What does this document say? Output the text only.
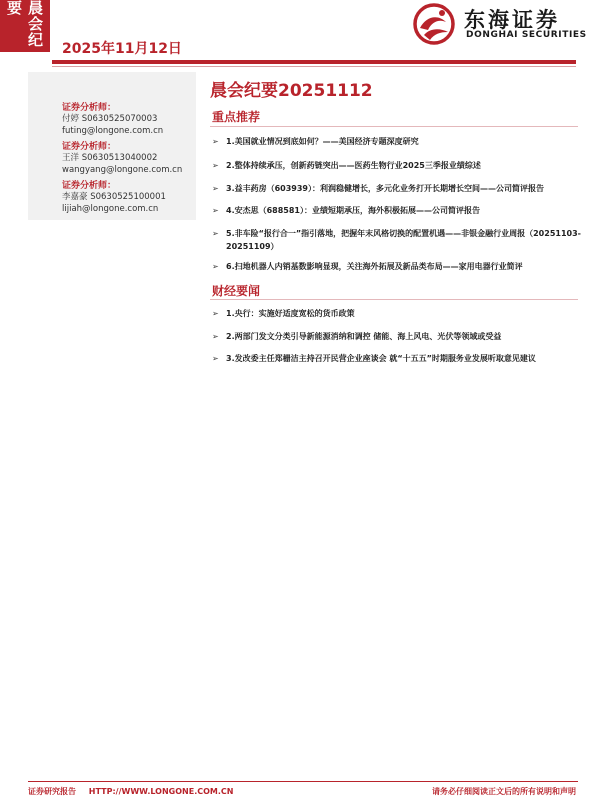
晨会纪要
2025年11月12日
东海证券
DONGHAI SECURITIES
证券分析师：
付婷 S0630525070003
futing@longone.com.cn
证券分析师：
王洋 S0630513040002
wangyang@longone.com.cn
证券分析师：
李嘉豪 S0630525100001
lijiah@longone.com.cn
晨会纪要20251112
重点推荐
➢ 1.美国就业情况到底如何？——美国经济专题深度研究
➢ 2.整体持续承压，创新药链突出——医药生物行业2025三季报业绩综述
➢ 3.益丰药房（603939）：利润稳健增长，多元化业务打开长期增长空间——公司简评报告
➢ 4.安杰思（688581）：业绩短期承压，海外积极拓展——公司简评报告
➢ 5.非车险“报行合一”指引落地，把握年末风格切换的配置机遇——非银金融行业周报（20251103-20251109）
➢ 6.扫地机器人内销基数影响显现，关注海外拓展及新品类布局——家用电器行业简评
财经要闻
➢ 1.央行：实施好适度宽松的货币政策
➢ 2.两部门发文分类引导新能源消纳和调控 储能、海上风电、光伏等领域或受益
➢ 3.发改委主任郑栅洁主持召开民营企业座谈会 就“十五五”时期服务业发展听取意见建议
证券研究报告 HTTP://WWW.LONGONE.COM.CN	请务必仔细阅读正文后的所有说明和声明
